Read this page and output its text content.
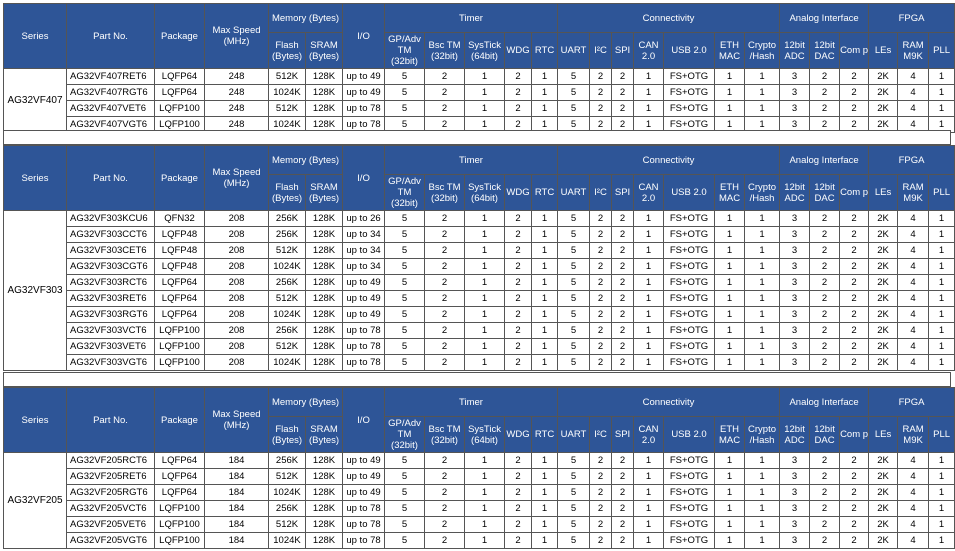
Series	Part No.	Package	Max Speed (MHz)	Memory (Bytes)		I/O	Timer					Connectivity							Analog Interface			FPGA		
				Flash (Bytes)	SRAM (Bytes)		GP/Adv TM (32bit)	Bsc TM (32bit)	SysTick (64bit)	WDG	RTC	UART	I²C	SPI	CAN 2.0	USB 2.0	ETH MAC	Crypto /Hash	12bit ADC	12bit DAC	Com p	LEs	RAM M9K	PLL
AG32VF407	AG32VF407RET6	LQFP64	248	512K	128K	up to 49	5	2	1	2	1	5	2	2	1	FS+OTG	1	1	3	2	2	2K	4	1
	AG32VF407RGT6	LQFP64	248	1024K	128K	up to 49	5	2	1	2	1	5	2	2	1	FS+OTG	1	1	3	2	2	2K	4	1
	AG32VF407VET6	LQFP100	248	512K	128K	up to 78	5	2	1	2	1	5	2	2	1	FS+OTG	1	1	3	2	2	2K	4	1
	AG32VF407VGT6	LQFP100	248	1024K	128K	up to 78	5	2	1	2	1	5	2	2	1	FS+OTG	1	1	3	2	2	2K	4	1
Series	Part No.	Package	Max Speed (MHz)	Memory (Bytes)		I/O	Timer					Connectivity							Analog Interface			FPGA		
				Flash (Bytes)	SRAM (Bytes)		GP/Adv TM (32bit)	Bsc TM (32bit)	SysTick (64bit)	WDG	RTC	UART	I²C	SPI	CAN 2.0	USB 2.0	ETH MAC	Crypto /Hash	12bit ADC	12bit DAC	Com p	LEs	RAM M9K	PLL
AG32VF303	AG32VF303KCU6	QFN32	208	256K	128K	up to 26	5	2	1	2	1	5	2	2	1	FS+OTG	1	1	3	2	2	2K	4	1
	AG32VF303CCT6	LQFP48	208	256K	128K	up to 34	5	2	1	2	1	5	2	2	1	FS+OTG	1	1	3	2	2	2K	4	1
	AG32VF303CET6	LQFP48	208	512K	128K	up to 34	5	2	1	2	1	5	2	2	1	FS+OTG	1	1	3	2	2	2K	4	1
	AG32VF303CGT6	LQFP48	208	1024K	128K	up to 34	5	2	1	2	1	5	2	2	1	FS+OTG	1	1	3	2	2	2K	4	1
	AG32VF303RCT6	LQFP64	208	256K	128K	up to 49	5	2	1	2	1	5	2	2	1	FS+OTG	1	1	3	2	2	2K	4	1
	AG32VF303RET6	LQFP64	208	512K	128K	up to 49	5	2	1	2	1	5	2	2	1	FS+OTG	1	1	3	2	2	2K	4	1
	AG32VF303RGT6	LQFP64	208	1024K	128K	up to 49	5	2	1	2	1	5	2	2	1	FS+OTG	1	1	3	2	2	2K	4	1
	AG32VF303VCT6	LQFP100	208	256K	128K	up to 78	5	2	1	2	1	5	2	2	1	FS+OTG	1	1	3	2	2	2K	4	1
	AG32VF303VET6	LQFP100	208	512K	128K	up to 78	5	2	1	2	1	5	2	2	1	FS+OTG	1	1	3	2	2	2K	4	1
	AG32VF303VGT6	LQFP100	208	1024K	128K	up to 78	5	2	1	2	1	5	2	2	1	FS+OTG	1	1	3	2	2	2K	4	1
Series	Part No.	Package	Max Speed (MHz)	Memory (Bytes)		I/O	Timer					Connectivity							Analog Interface			FPGA		
				Flash (Bytes)	SRAM (Bytes)		GP/Adv TM (32bit)	Bsc TM (32bit)	SysTick (64bit)	WDG	RTC	UART	I²C	SPI	CAN 2.0	USB 2.0	ETH MAC	Crypto /Hash	12bit ADC	12bit DAC	Com p	LEs	RAM M9K	PLL
AG32VF205	AG32VF205RCT6	LQFP64	184	256K	128K	up to 49	5	2	1	2	1	5	2	2	1	FS+OTG	1	1	3	2	2	2K	4	1
	AG32VF205RET6	LQFP64	184	512K	128K	up to 49	5	2	1	2	1	5	2	2	1	FS+OTG	1	1	3	2	2	2K	4	1
	AG32VF205RGT6	LQFP64	184	1024K	128K	up to 49	5	2	1	2	1	5	2	2	1	FS+OTG	1	1	3	2	2	2K	4	1
	AG32VF205VCT6	LQFP100	184	256K	128K	up to 78	5	2	1	2	1	5	2	2	1	FS+OTG	1	1	3	2	2	2K	4	1
	AG32VF205VET6	LQFP100	184	512K	128K	up to 78	5	2	1	2	1	5	2	2	1	FS+OTG	1	1	3	2	2	2K	4	1
	AG32VF205VGT6	LQFP100	184	1024K	128K	up to 78	5	2	1	2	1	5	2	2	1	FS+OTG	1	1	3	2	2	2K	4	1
